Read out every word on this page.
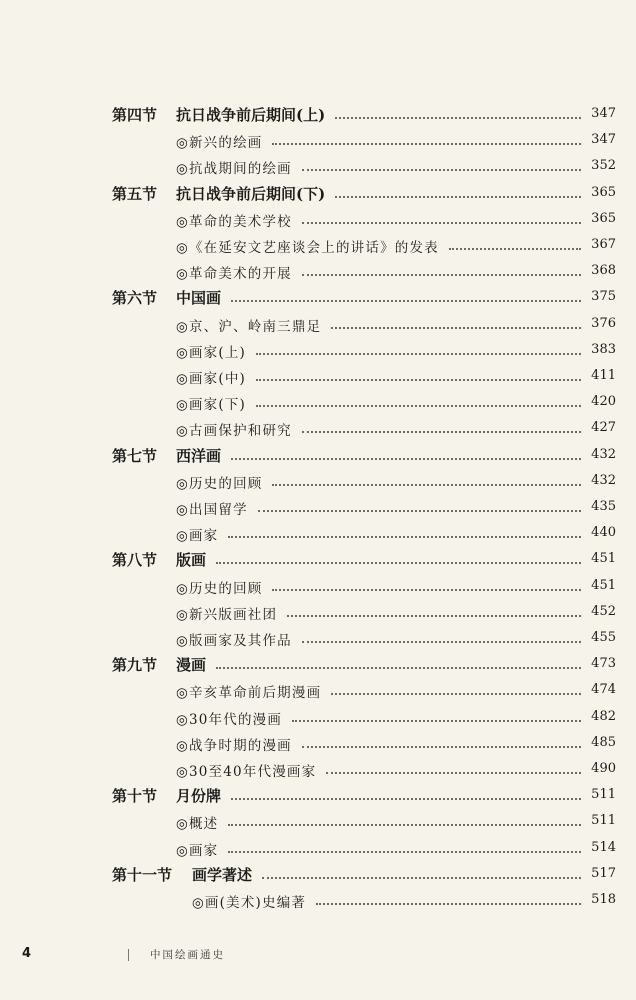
第四节 抗日战争前后期间(上)	347
◎新兴的绘画	347
◎抗战期间的绘画	352
第五节 抗日战争前后期间(下)	365
◎革命的美术学校	365
◎《在延安文艺座谈会上的讲话》的发表	367
◎革命美术的开展	368
第六节 中国画	375
◎京、沪、岭南三鼎足	376
◎画家(上)	383
◎画家(中)	411
◎画家(下)	420
◎古画保护和研究	427
第七节 西洋画	432
◎历史的回顾	432
◎出国留学	435
◎画家	440
第八节 版画	451
◎历史的回顾	451
◎新兴版画社团	452
◎版画家及其作品	455
第九节 漫画	473
◎辛亥革命前后期漫画	474
◎30年代的漫画	482
◎战争时期的漫画	485
◎30至40年代漫画家	490
第十节 月份牌	511
◎概述	511
◎画家	514
第十一节 画学著述	517
◎画(美术)史编著	518
4	中国绘画通史
